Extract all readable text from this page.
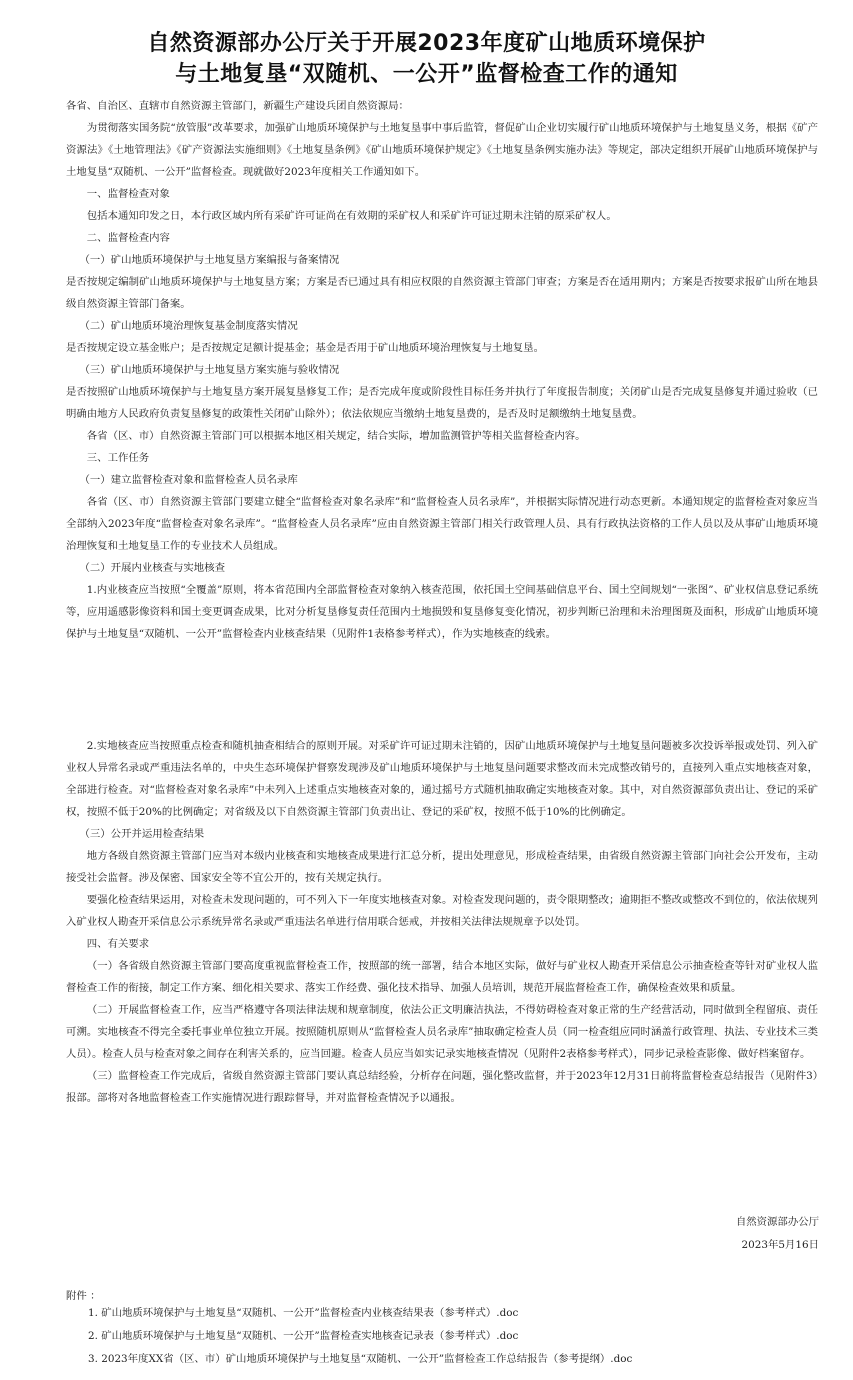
自然资源部办公厅关于开展2023年度矿山地质环境保护
与土地复垦“双随机、一公开”监督检查工作的通知
各省、自治区、直辖市自然资源主管部门，新疆生产建设兵团自然资源局：
为贯彻落实国务院“放管服”改革要求，加强矿山地质环境保护与土地复垦事中事后监管，督促矿山企业切实履行矿山地质环境保护与土地复垦义务，根据《矿产资源法》《土地管理法》《矿产资源法实施细则》《土地复垦条例》《矿山地质环境保护规定》《土地复垦条例实施办法》等规定，部决定组织开展矿山地质环境保护与土地复垦“双随机、一公开”监督检查。现就做好2023年度相关工作通知如下。
一、监督检查对象
包括本通知印发之日，本行政区域内所有采矿许可证尚在有效期的采矿权人和采矿许可证过期未注销的原采矿权人。
二、监督检查内容
（一）矿山地质环境保护与土地复垦方案编报与备案情况
是否按规定编制矿山地质环境保护与土地复垦方案；方案是否已通过具有相应权限的自然资源主管部门审查；方案是否在适用期内；方案是否按要求报矿山所在地县级自然资源主管部门备案。
（二）矿山地质环境治理恢复基金制度落实情况
是否按规定设立基金账户；是否按规定足额计提基金；基金是否用于矿山地质环境治理恢复与土地复垦。
（三）矿山地质环境保护与土地复垦方案实施与验收情况
是否按照矿山地质环境保护与土地复垦方案开展复垦修复工作；是否完成年度或阶段性目标任务并执行了年度报告制度；关闭矿山是否完成复垦修复并通过验收（已明确由地方人民政府负责复垦修复的政策性关闭矿山除外）；依法依规应当缴纳土地复垦费的，是否及时足额缴纳土地复垦费。
各省（区、市）自然资源主管部门可以根据本地区相关规定，结合实际，增加监测管护等相关监督检查内容。
三、工作任务
（一）建立监督检查对象和监督检查人员名录库
各省（区、市）自然资源主管部门要建立健全“监督检查对象名录库”和“监督检查人员名录库”，并根据实际情况进行动态更新。本通知规定的监督检查对象应当全部纳入2023年度“监督检查对象名录库”。“监督检查人员名录库”应由自然资源主管部门相关行政管理人员、具有行政执法资格的工作人员以及从事矿山地质环境治理恢复和土地复垦工作的专业技术人员组成。
（二）开展内业核查与实地核查
1.内业核查应当按照“全覆盖”原则，将本省范围内全部监督检查对象纳入核查范围，依托国土空间基础信息平台、国土空间规划“一张图”、矿业权信息登记系统等，应用遥感影像资料和国土变更调查成果，比对分析复垦修复责任范围内土地损毁和复垦修复变化情况，初步判断已治理和未治理图斑及面积，形成矿山地质环境保护与土地复垦“双随机、一公开”监督检查内业核查结果（见附件1表格参考样式），作为实地核查的线索。
2.实地核查应当按照重点检查和随机抽查相结合的原则开展。对采矿许可证过期未注销的，因矿山地质环境保护与土地复垦问题被多次投诉举报或处罚、列入矿业权人异常名录或严重违法名单的，中央生态环境保护督察发现涉及矿山地质环境保护与土地复垦问题要求整改而未完成整改销号的，直接列入重点实地核查对象，全部进行检查。对“监督检查对象名录库”中未列入上述重点实地核查对象的，通过摇号方式随机抽取确定实地核查对象。其中，对自然资源部负责出让、登记的采矿权，按照不低于20%的比例确定；对省级及以下自然资源主管部门负责出让、登记的采矿权，按照不低于10%的比例确定。
（三）公开并运用检查结果
地方各级自然资源主管部门应当对本级内业核查和实地核查成果进行汇总分析，提出处理意见，形成检查结果，由省级自然资源主管部门向社会公开发布，主动接受社会监督。涉及保密、国家安全等不宜公开的，按有关规定执行。
要强化检查结果运用，对检查未发现问题的，可不列入下一年度实地核查对象。对检查发现问题的，责令限期整改；逾期拒不整改或整改不到位的，依法依规列入矿业权人勘查开采信息公示系统异常名录或严重违法名单进行信用联合惩戒，并按相关法律法规规章予以处罚。
四、有关要求
（一）各省级自然资源主管部门要高度重视监督检查工作，按照部的统一部署，结合本地区实际，做好与矿业权人勘查开采信息公示抽查检查等针对矿业权人监督检查工作的衔接，制定工作方案、细化相关要求、落实工作经费、强化技术指导、加强人员培训，规范开展监督检查工作，确保检查效果和质量。
（二）开展监督检查工作，应当严格遵守各项法律法规和规章制度，依法公正文明廉洁执法，不得妨碍检查对象正常的生产经营活动，同时做到全程留痕、责任可溯。实地核查不得完全委托事业单位独立开展。按照随机原则从“监督检查人员名录库”抽取确定检查人员（同一检查组应同时涵盖行政管理、执法、专业技术三类人员）。检查人员与检查对象之间存在利害关系的，应当回避。检查人员应当如实记录实地核查情况（见附件2表格参考样式），同步记录检查影像、做好档案留存。
（三）监督检查工作完成后，省级自然资源主管部门要认真总结经验，分析存在问题，强化整改监督，并于2023年12月31日前将监督检查总结报告（见附件3）报部。部将对各地监督检查工作实施情况进行跟踪督导，并对监督检查情况予以通报。
自然资源部办公厅
2023年5月16日
附件 ：
1. 矿山地质环境保护与土地复垦“双随机、一公开”监督检查内业核查结果表（参考样式）.doc
2. 矿山地质环境保护与土地复垦“双随机、一公开”监督检查实地核查记录表（参考样式）.doc
3. 2023年度XX省（区、市）矿山地质环境保护与土地复垦“双随机、一公开”监督检查工作总结报告（参考提纲）.doc
